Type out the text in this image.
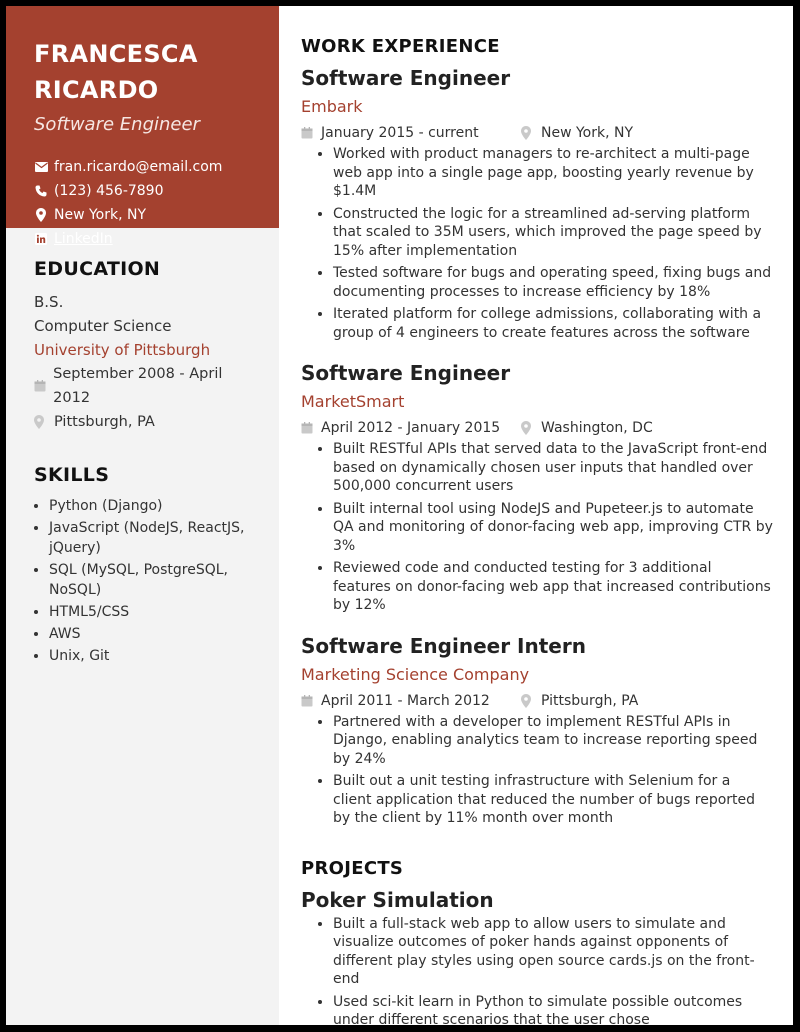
FRANCESCA
RICARDO
Software Engineer
fran.ricardo@email.com
(123) 456-7890
New York, NY
LinkedIn
EDUCATION
B.S.
Computer Science
University of Pittsburgh
September 2008 - April 2012
Pittsburgh, PA
SKILLS
• Python (Django)
• JavaScript (NodeJS, ReactJS, jQuery)
• SQL (MySQL, PostgreSQL, NoSQL)
• HTML5/CSS
• AWS
• Unix, Git
WORK EXPERIENCE
Software Engineer
Embark
January 2015 - current	New York, NY
• Worked with product managers to re-architect a multi-page web app into a single page app, boosting yearly revenue by $1.4M
• Constructed the logic for a streamlined ad-serving platform that scaled to 35M users, which improved the page speed by 15% after implementation
• Tested software for bugs and operating speed, fixing bugs and documenting processes to increase efficiency by 18%
• Iterated platform for college admissions, collaborating with a group of 4 engineers to create features across the software
Software Engineer
MarketSmart
April 2012 - January 2015	Washington, DC
• Built RESTful APIs that served data to the JavaScript front-end based on dynamically chosen user inputs that handled over 500,000 concurrent users
• Built internal tool using NodeJS and Pupeteer.js to automate QA and monitoring of donor-facing web app, improving CTR by 3%
• Reviewed code and conducted testing for 3 additional features on donor-facing web app that increased contributions by 12%
Software Engineer Intern
Marketing Science Company
April 2011 - March 2012	Pittsburgh, PA
• Partnered with a developer to implement RESTful APIs in Django, enabling analytics team to increase reporting speed by 24%
• Built out a unit testing infrastructure with Selenium for a client application that reduced the number of bugs reported by the client by 11% month over month
PROJECTS
Poker Simulation
• Built a full-stack web app to allow users to simulate and visualize outcomes of poker hands against opponents of different play styles using open source cards.js on the front-end
• Used sci-kit learn in Python to simulate possible outcomes under different scenarios that the user chose
